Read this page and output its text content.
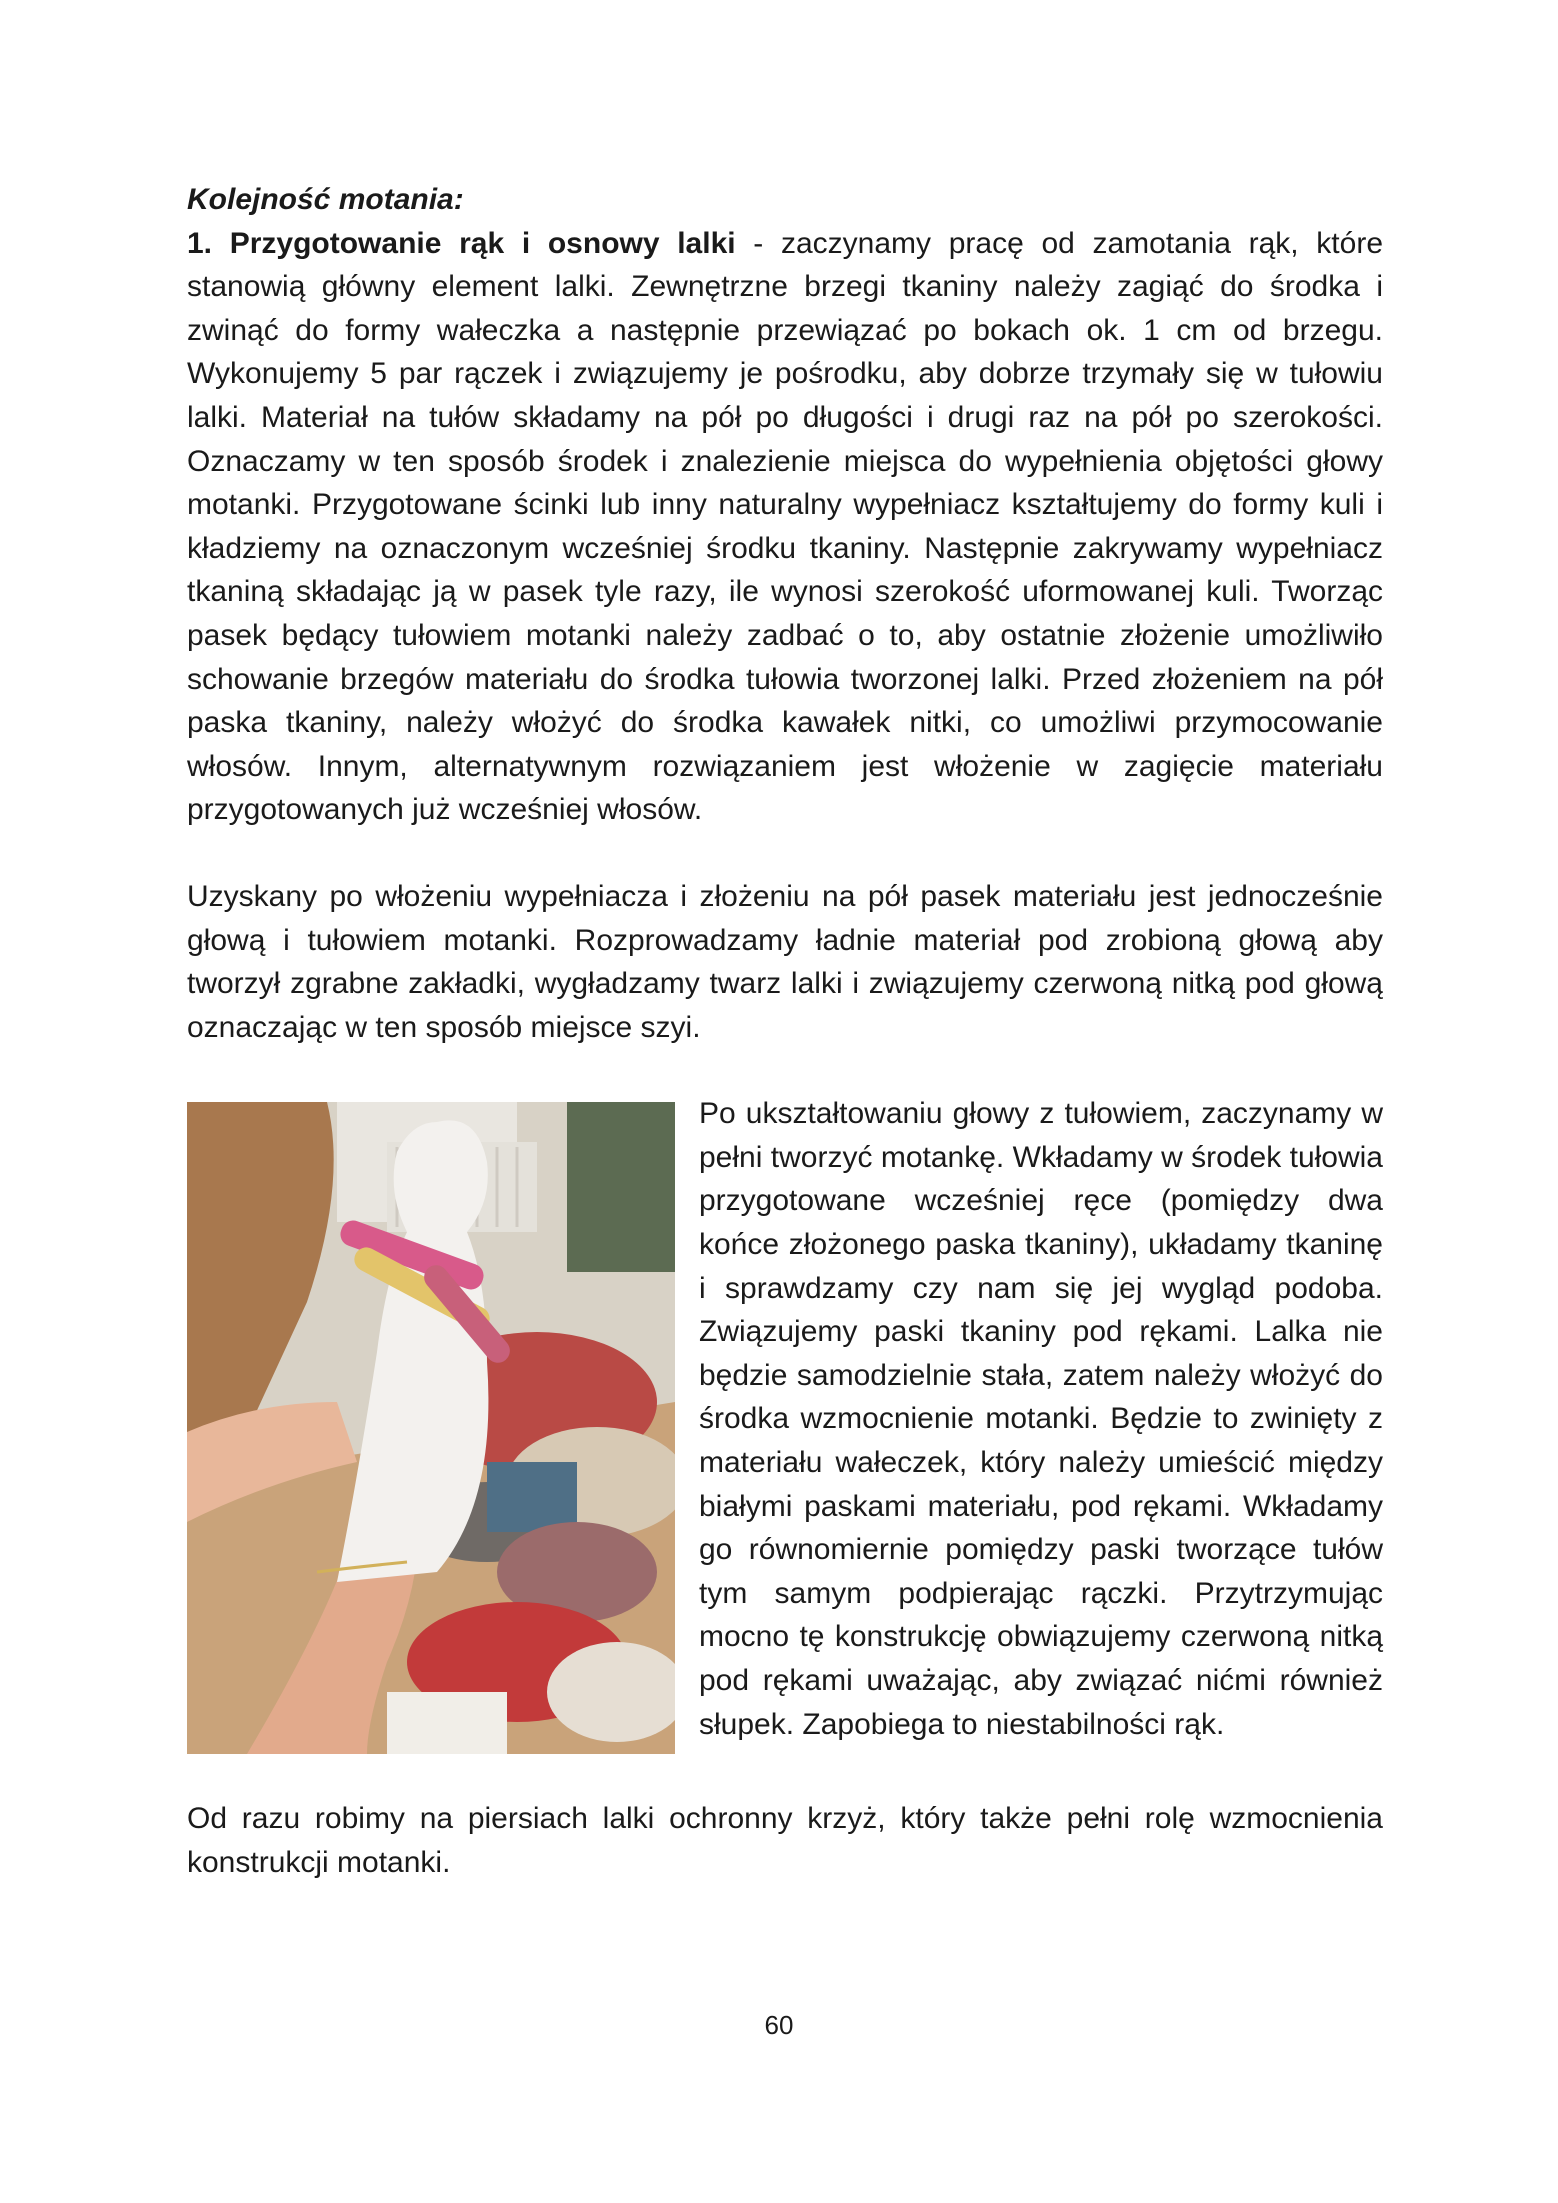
Kolejność motania:

1. Przygotowanie rąk i osnowy lalki - zaczynamy pracę od zamotania rąk, które stanowią główny element lalki. Zewnętrzne brzegi tkaniny należy zagiąć do środka i zwinąć do formy wałeczka a następnie przewiązać po bokach ok. 1 cm od brzegu. Wykonujemy 5 par rączek i związujemy je pośrodku, aby dobrze trzymały się w tułowiu lalki. Materiał na tułów składamy na pół po długości i drugi raz na pół po szerokości. Oznaczamy w ten sposób środek i znalezienie miejsca do wypełnienia objętości głowy motanki. Przygotowane ścinki lub inny naturalny wypełniacz kształtujemy do formy kuli i kładziemy na oznaczonym wcześniej środku tkaniny. Następnie zakrywamy wypełniacz tkaniną składając ją w pasek tyle razy, ile wynosi szerokość uformowanej kuli. Tworząc pasek będący tułowiem motanki należy zadbać o to, aby ostatnie złożenie umożliwiło schowanie brzegów materiału do środka tułowia tworzonej lalki. Przed złożeniem na pół paska tkaniny, należy włożyć do środka kawałek nitki, co umożliwi przymocowanie włosów. Innym, alternatywnym rozwiązaniem jest włożenie w zagięcie materiału przygotowanych już wcześniej włosów.

Uzyskany po włożeniu wypełniacza i złożeniu na pół pasek materiału jest jednocześnie głową i tułowiem motanki. Rozprowadzamy ładnie materiał pod zrobioną głową aby tworzył zgrabne zakładki, wygładzamy twarz lalki i związujemy czerwoną nitką pod głową oznaczając w ten sposób miejsce szyi.

Po ukształtowaniu głowy z tułowiem, zaczynamy w pełni tworzyć motankę. Wkładamy w środek tułowia przygotowane wcześniej ręce (pomiędzy dwa końce złożonego paska tkaniny), układamy tkaninę i sprawdzamy czy nam się jej wygląd podoba. Związujemy paski tkaniny pod rękami. Lalka nie będzie samodzielnie stała, zatem należy włożyć do środka wzmocnienie motanki. Będzie to zwinięty z materiału wałeczek, który należy umieścić między białymi paskami materiału, pod rękami. Wkładamy go równomiernie pomiędzy paski tworzące tułów tym samym podpierając rączki. Przytrzymując mocno tę konstrukcję obwiązujemy czerwoną nitką pod rękami uważając, aby związać nićmi również słupek. Zapobiega to niestabilności rąk.

Od razu robimy na piersiach lalki ochronny krzyż, który także pełni rolę wzmocnienia konstrukcji motanki.

60
